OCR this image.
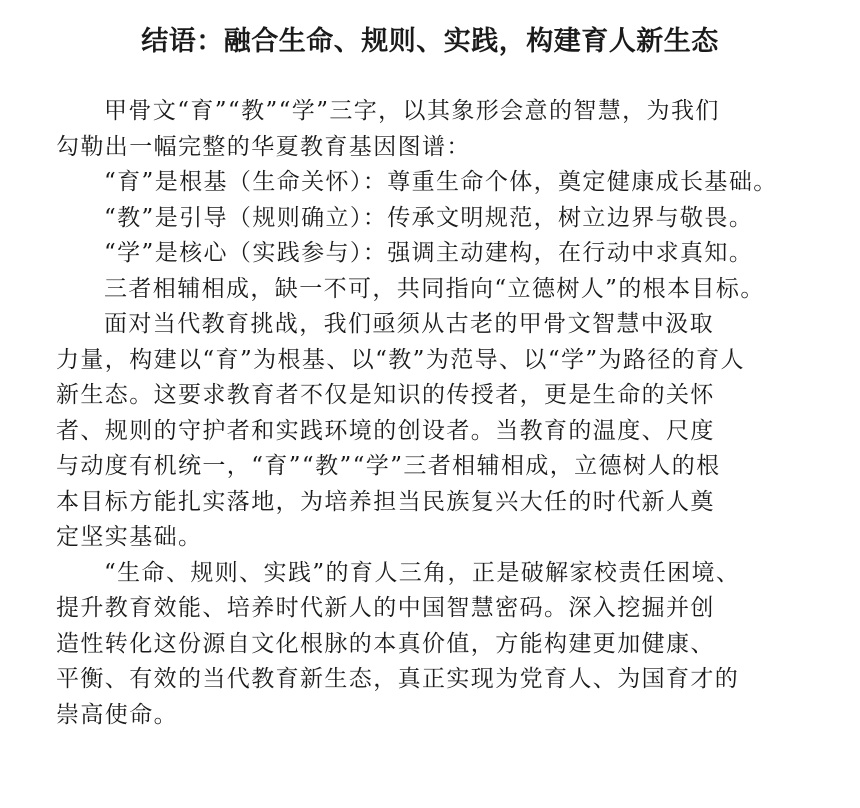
结语：融合生命、规则、实践，构建育人新生态
甲骨文“育”“教”“学”三字，以其象形会意的智慧，为我们
勾勒出一幅完整的华夏教育基因图谱：
“育”是根基（生命关怀）：尊重生命个体，奠定健康成长基础。
“教”是引导（规则确立）：传承文明规范，树立边界与敬畏。
“学”是核心（实践参与）：强调主动建构，在行动中求真知。
三者相辅相成，缺一不可，共同指向“立德树人”的根本目标。
面对当代教育挑战，我们亟须从古老的甲骨文智慧中汲取
力量，构建以“育”为根基、以“教”为范导、以“学”为路径的育人
新生态。这要求教育者不仅是知识的传授者，更是生命的关怀
者、规则的守护者和实践环境的创设者。当教育的温度、尺度
与动度有机统一，“育”“教”“学”三者相辅相成，立德树人的根
本目标方能扎实落地，为培养担当民族复兴大任的时代新人奠
定坚实基础。
“生命、规则、实践”的育人三角，正是破解家校责任困境、
提升教育效能、培养时代新人的中国智慧密码。深入挖掘并创
造性转化这份源自文化根脉的本真价值，方能构建更加健康、
平衡、有效的当代教育新生态，真正实现为党育人、为国育才的
崇高使命。
